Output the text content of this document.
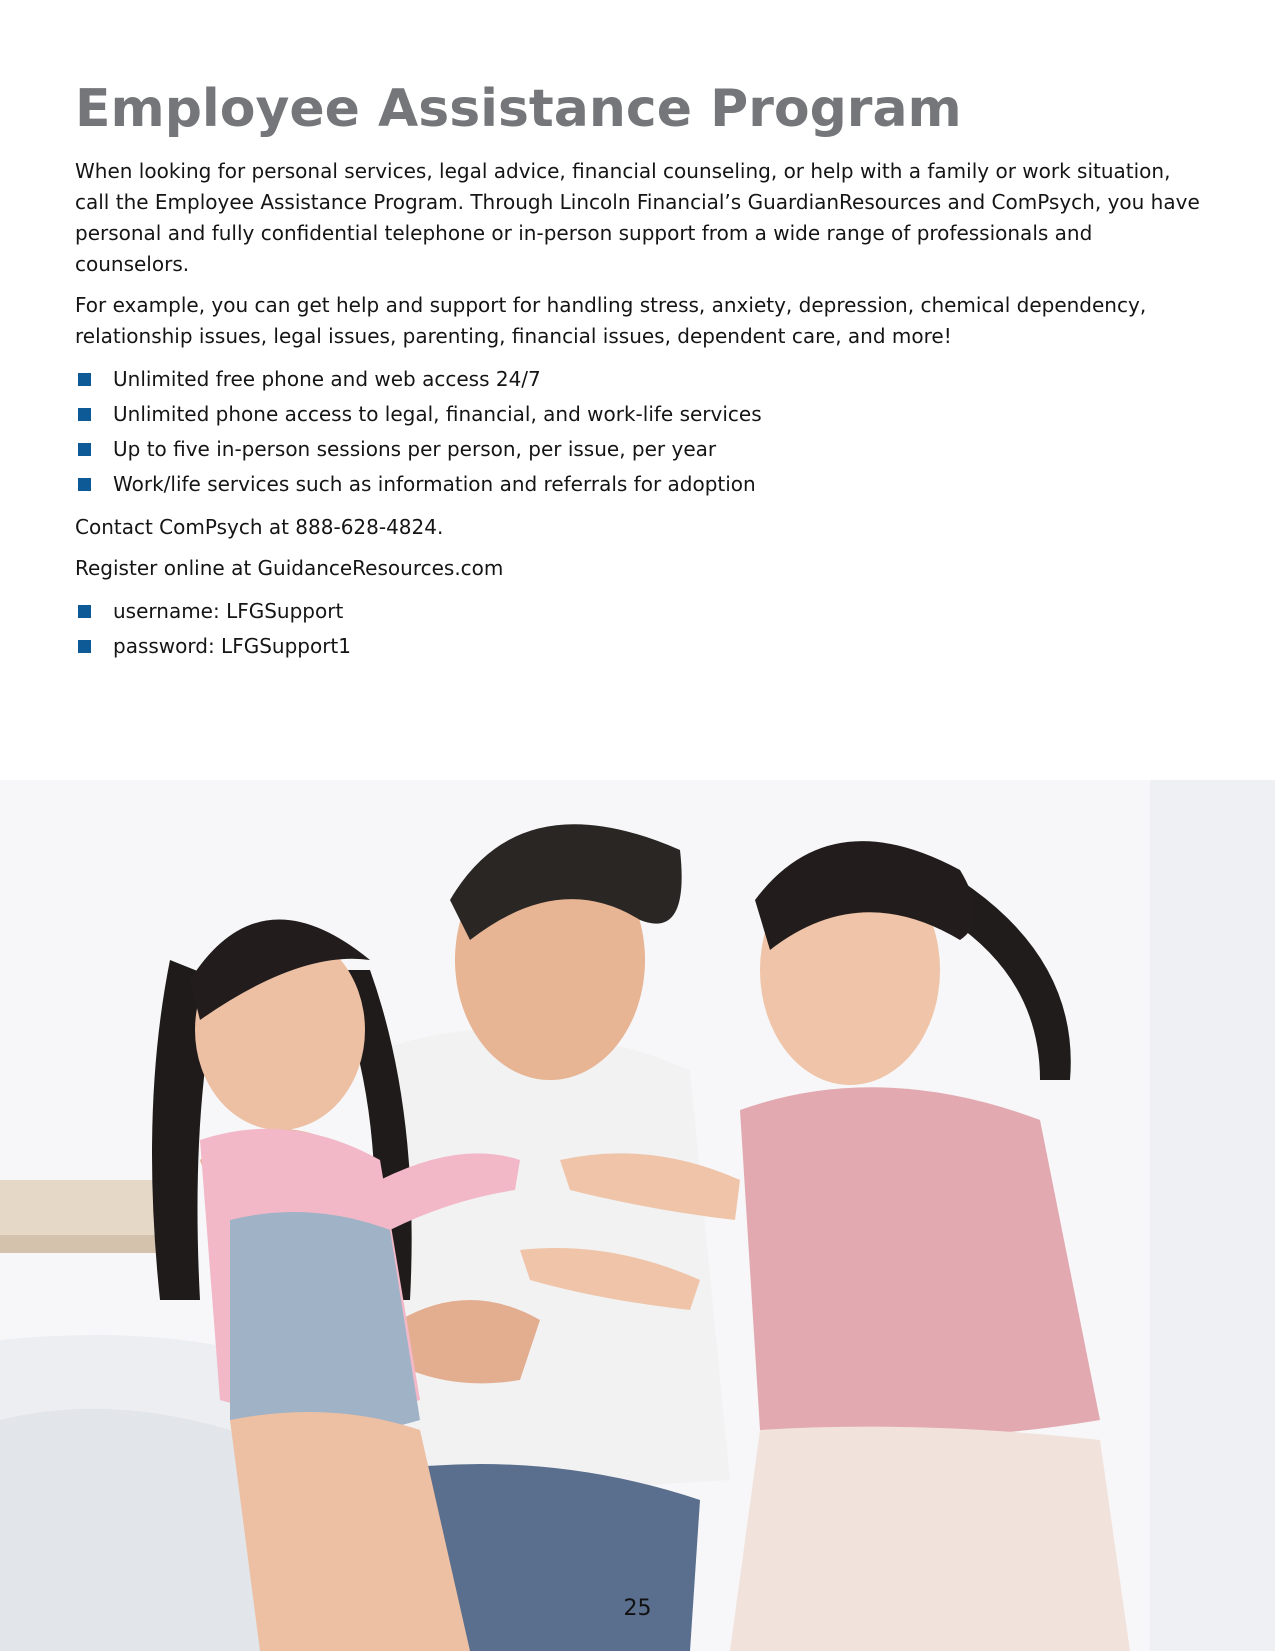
Employee Assistance Program

When looking for personal services, legal advice, financial counseling, or help with a family or work situation, call the Employee Assistance Program. Through Lincoln Financial’s GuardianResources and ComPsych, you have personal and fully confidential telephone or in-person support from a wide range of professionals and counselors.

For example, you can get help and support for handling stress, anxiety, depression, chemical dependency, relationship issues, legal issues, parenting, financial issues, dependent care, and more!

Unlimited free phone and web access 24/7
Unlimited phone access to legal, financial, and work-life services
Up to five in-person sessions per person, per issue, per year
Work/life services such as information and referrals for adoption

Contact ComPsych at 888-628-4824.

Register online at GuidanceResources.com

username: LFGSupport
password: LFGSupport1
25
